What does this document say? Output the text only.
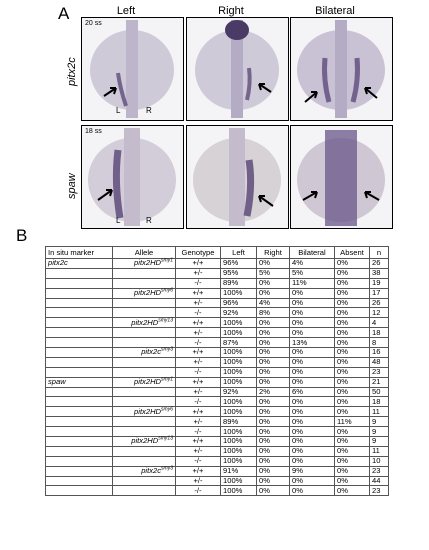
A	Left	Right	Bilateral
pitx2c
spaw
20 ss
L	R
18 ss
L	R
B
In situ marker	Allele	Genotype	Left	Right	Bilateral	Absent	n
pitx2c	$pitx2HD^{smy1}$	+/+	96%	0%	4%	0%	26
		+/-	95%	5%	5%	0%	38
		-/-	89%	0%	11%	0%	19
	$pitx2HD^{smy6}$	+/+	100%	0%	0%	0%	17
		+/-	96%	4%	0%	0%	26
		-/-	92%	8%	0%	0%	12
	$pitx2HD^{smy13}$	+/+	100%	0%	0%	0%	4
		+/-	100%	0%	0%	0%	18
		-/-	87%	0%	13%	0%	8
	$pitx2c^{smy3}$	+/+	100%	0%	0%	0%	16
		+/-	100%	0%	0%	0%	48
		-/-	100%	0%	0%	0%	23
spaw	$pitx2HD^{smy1}$	+/+	100%	0%	0%	0%	21
		+/-	92%	2%	6%	0%	50
		-/-	100%	0%	0%	0%	18
	$pitx2HD^{smy6}$	+/+	100%	0%	0%	0%	11
		+/-	89%	0%	0%	11%	9
		-/-	100%	0%	0%	0%	9
	$pitx2HD^{smy13}$	+/+	100%	0%	0%	0%	9
		+/-	100%	0%	0%	0%	11
		-/-	100%	0%	0%	0%	10
	$pitx2c^{smy3}$	+/+	91%	0%	9%	0%	23
		+/-	100%	0%	0%	0%	44
		-/-	100%	0%	0%	0%	23
